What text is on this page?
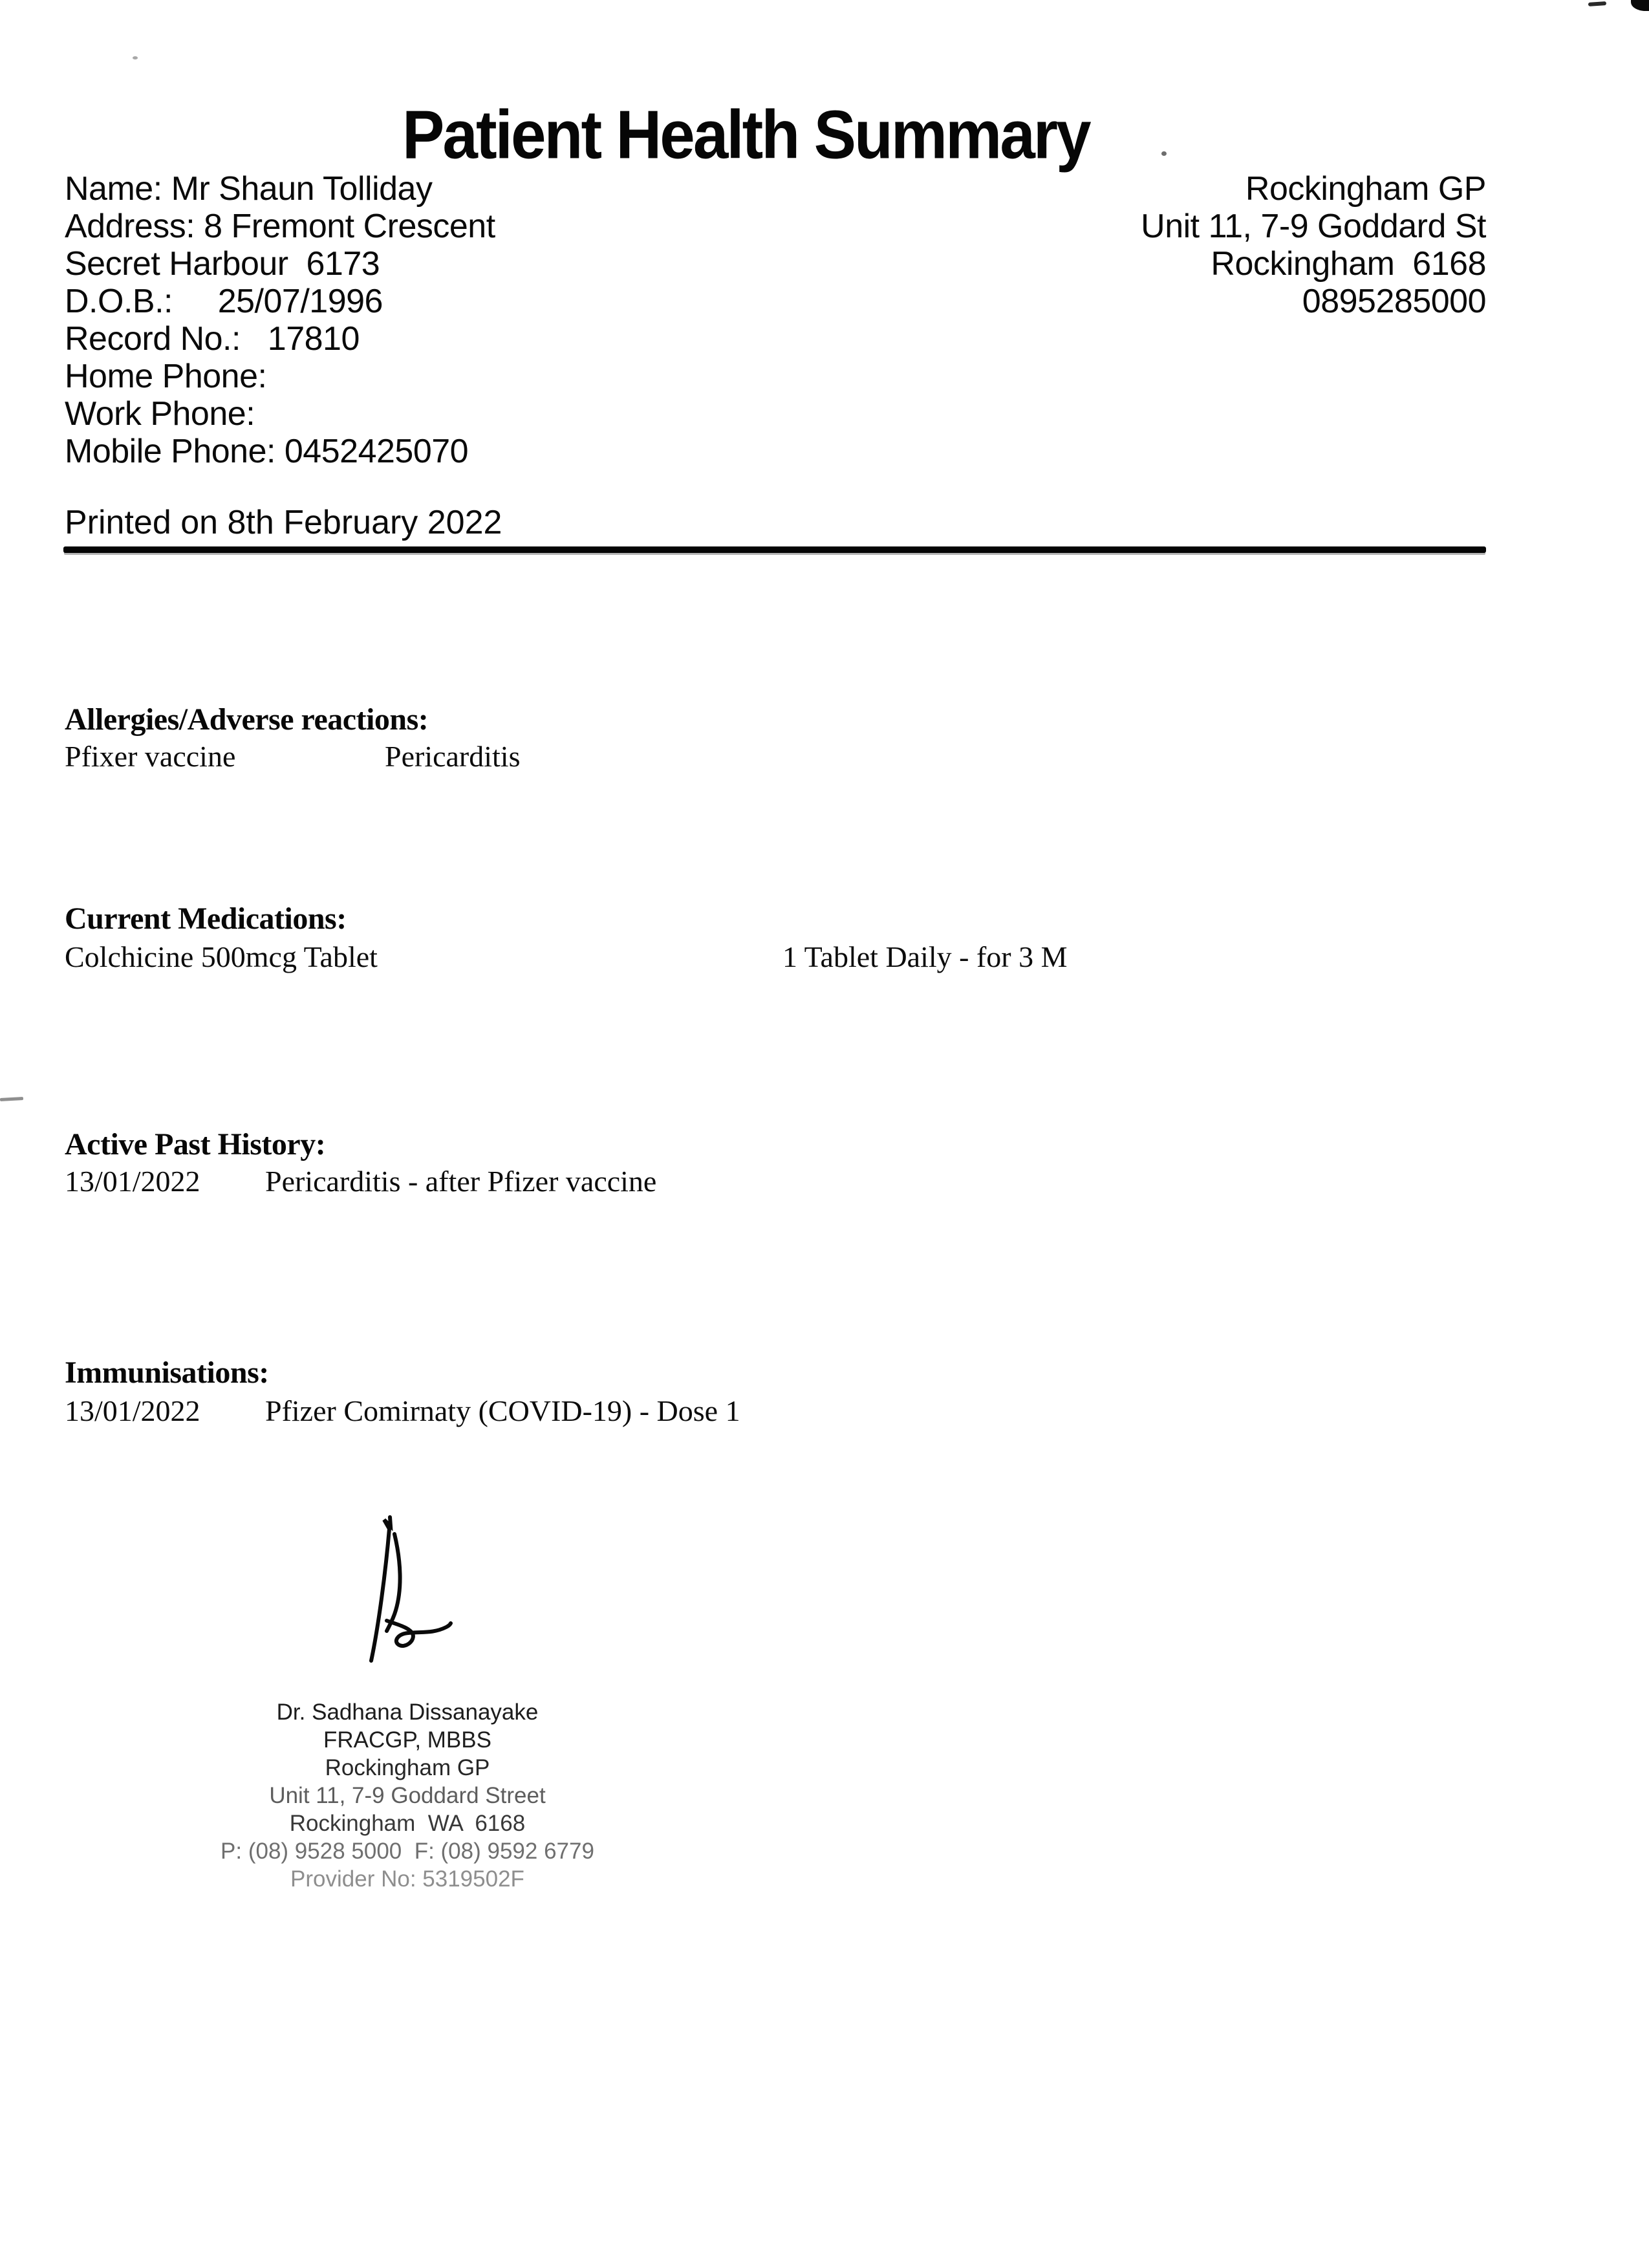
Patient Health Summary
Name: Mr Shaun Tolliday
Address: 8 Fremont Crescent
Secret Harbour  6173
D.O.B.:     25/07/1996
Record No.:   17810
Home Phone:
Work Phone:
Mobile Phone: 0452425070
Rockingham GP
Unit 11, 7-9 Goddard St
Rockingham  6168
0895285000
Printed on 8th February 2022
Allergies/Adverse reactions:
Pfixer vaccine	Pericarditis
Current Medications:
Colchicine 500mcg Tablet	1 Tablet Daily - for 3 M
Active Past History:
13/01/2022 Pericarditis - after Pfizer vaccine
Immunisations:
13/01/2022 Pfizer Comirnaty (COVID-19) - Dose 1
Dr. Sadhana Dissanayake
FRACGP, MBBS
Rockingham GP
Unit 11, 7-9 Goddard Street
Rockingham  WA  6168
P: (08) 9528 5000  F: (08) 9592 6779
Provider No: 5319502F
